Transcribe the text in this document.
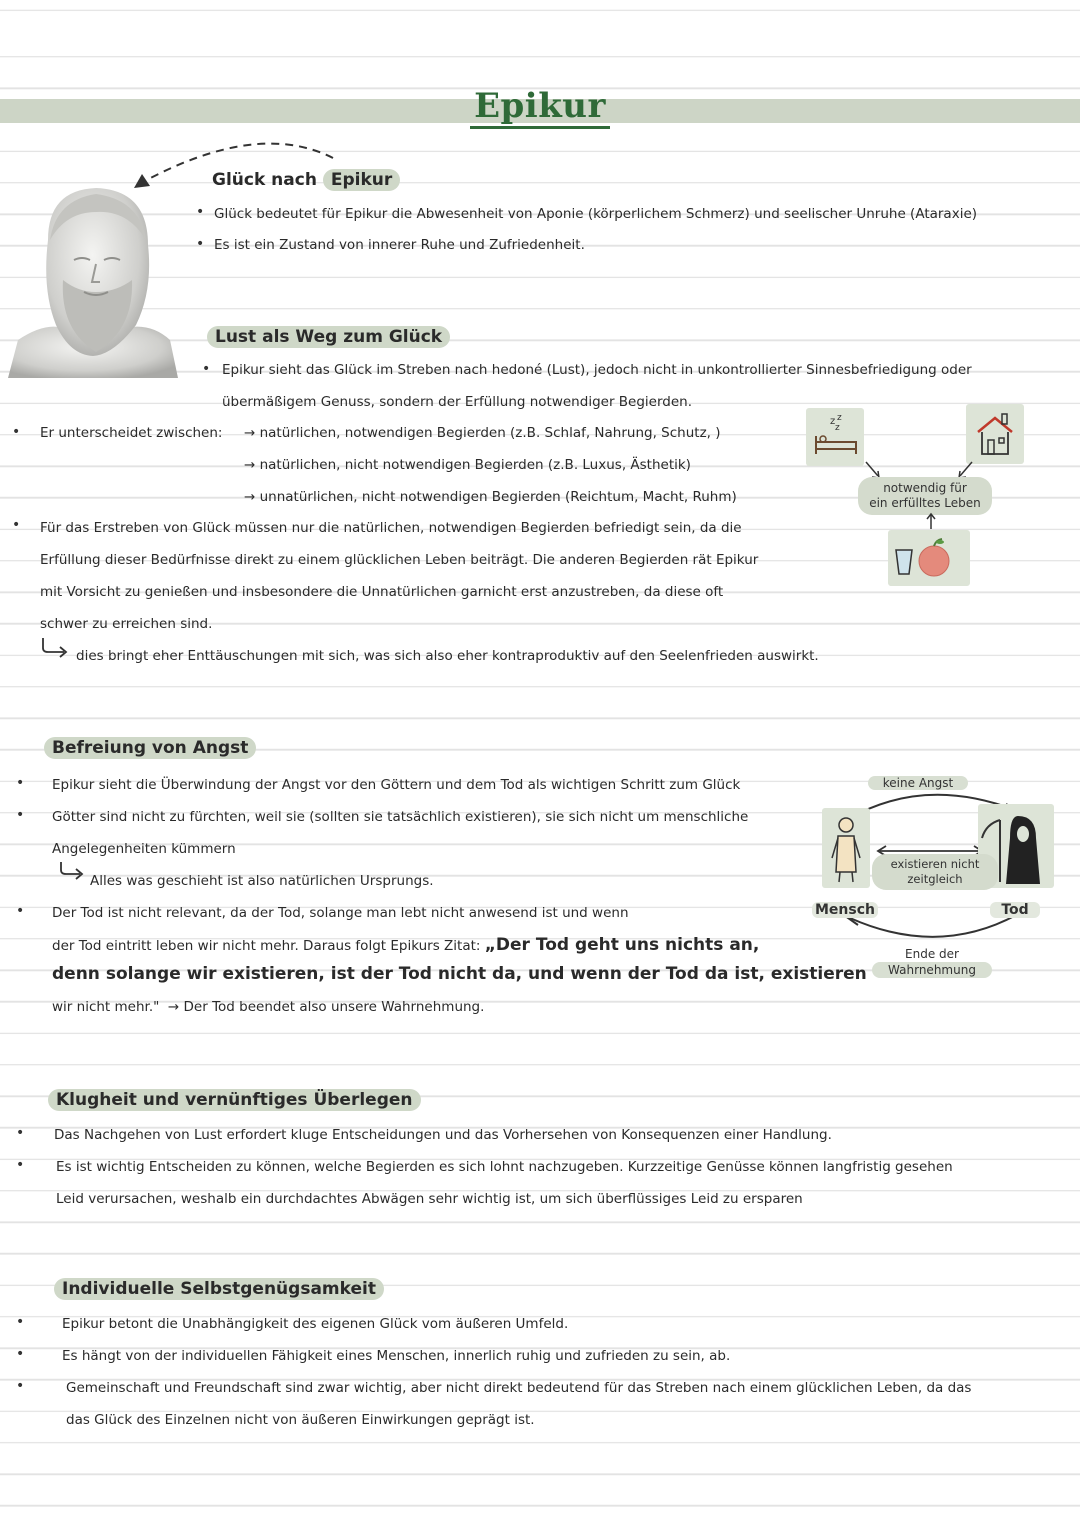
Epikur
Glück nach Epikur
• Glück bedeutet für Epikur die Abwesenheit von Aponie (körperlichem Schmerz) und seelischer Unruhe (Ataraxie)
• Es ist ein Zustand von innerer Ruhe und Zufriedenheit.
Lust als Weg zum Glück
• Epikur sieht das Glück im Streben nach hedoné (Lust), jedoch nicht in unkontrollierter Sinnesbefriedigung oder
übermäßigem Genuss, sondern der Erfüllung notwendiger Begierden.
• Er unterscheidet zwischen: → natürlichen, notwendigen Begierden (z.B. Schlaf, Nahrung, Schutz, )
→ natürlichen, nicht notwendigen Begierden (z.B. Luxus, Ästhetik)
→ unnatürlichen, nicht notwendigen Begierden (Reichtum, Macht, Ruhm)
• Für das Erstreben von Glück müssen nur die natürlichen, notwendigen Begierden befriedigt sein, da die
Erfüllung dieser Bedürfnisse direkt zu einem glücklichen Leben beiträgt. Die anderen Begierden rät Epikur
mit Vorsicht zu genießen und insbesondere die Unnatürlichen garnicht erst anzustreben, da diese oft
schwer zu erreichen sind.
dies bringt eher Enttäuschungen mit sich, was sich also eher kontraproduktiv auf den Seelenfrieden auswirkt.
z z
z
notwendig für
ein erfülltes Leben
Befreiung von Angst
• Epikur sieht die Überwindung der Angst vor den Göttern und dem Tod als wichtigen Schritt zum Glück
• Götter sind nicht zu fürchten, weil sie (sollten sie tatsächlich existieren), sie sich nicht um menschliche
Angelegenheiten kümmern
Alles was geschieht ist also natürlichen Ursprungs.
• Der Tod ist nicht relevant, da der Tod, solange man lebt nicht anwesend ist und wenn
der Tod eintritt leben wir nicht mehr. Daraus folgt Epikurs Zitat: „Der Tod geht uns nichts an,
denn solange wir existieren, ist der Tod nicht da, und wenn der Tod da ist, existieren
wir nicht mehr." → Der Tod beendet also unsere Wahrnehmung.
keine Angst
existieren nicht
zeitgleich
Mensch	Tod
Ende der
Wahrnehmung
Klugheit und vernünftiges Überlegen
• Das Nachgehen von Lust erfordert kluge Entscheidungen und das Vorhersehen von Konsequenzen einer Handlung.
• Es ist wichtig Entscheiden zu können, welche Begierden es sich lohnt nachzugeben. Kurzzeitige Genüsse können langfristig gesehen
Leid verursachen, weshalb ein durchdachtes Abwägen sehr wichtig ist, um sich überflüssiges Leid zu ersparen
Individuelle Selbstgenügsamkeit
•	Epikur betont die Unabhängigkeit des eigenen Glück vom äußeren Umfeld.
•	Es hängt von der individuellen Fähigkeit eines Menschen, innerlich ruhig und zufrieden zu sein, ab.
•	Gemeinschaft und Freundschaft sind zwar wichtig, aber nicht direkt bedeutend für das Streben nach einem glücklichen Leben, da das
das Glück des Einzelnen nicht von äußeren Einwirkungen geprägt ist.
